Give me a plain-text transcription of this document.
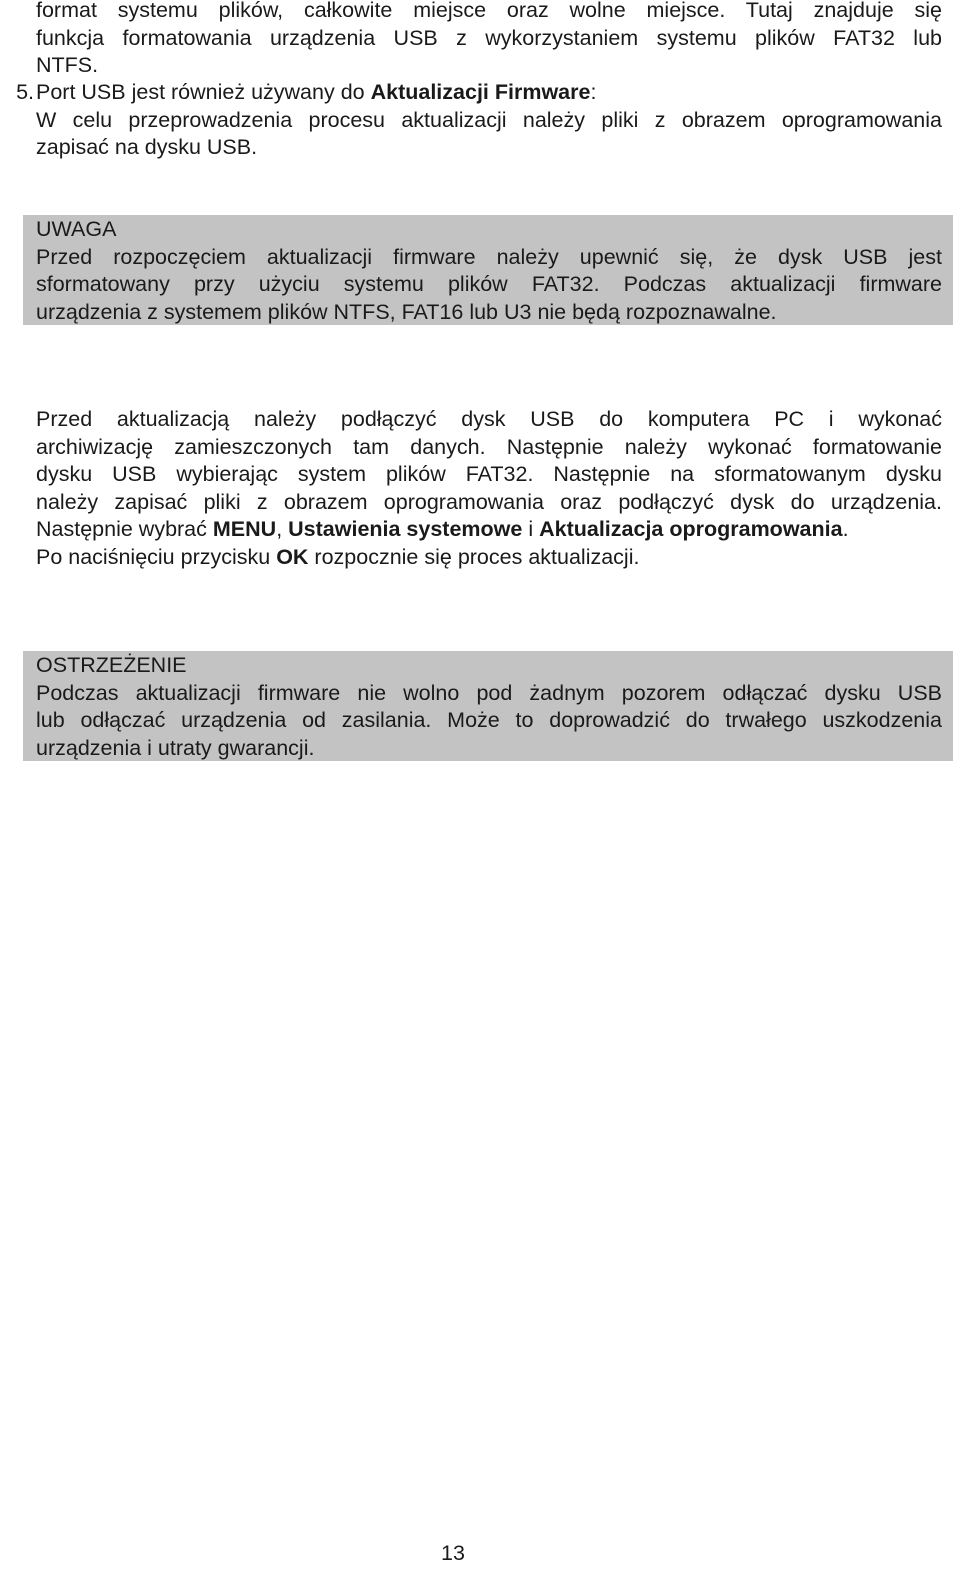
format systemu plików, całkowite miejsce oraz wolne miejsce. Tutaj znajduje się
funkcja formatowania urządzenia USB z wykorzystaniem systemu plików FAT32 lub
NTFS.
5. Port USB jest również używany do Aktualizacji Firmware:
W celu przeprowadzenia procesu aktualizacji należy pliki z obrazem oprogramowania
zapisać na dysku USB.
UWAGA
Przed rozpoczęciem aktualizacji firmware należy upewnić się, że dysk USB jest
sformatowany przy użyciu systemu plików FAT32. Podczas aktualizacji firmware
urządzenia z systemem plików NTFS, FAT16 lub U3 nie będą rozpoznawalne.
Przed aktualizacją należy podłączyć dysk USB do komputera PC i wykonać
archiwizację zamieszczonych tam danych. Następnie należy wykonać formatowanie
dysku USB wybierając system plików FAT32. Następnie na sformatowanym dysku
należy zapisać pliki z obrazem oprogramowania oraz podłączyć dysk do urządzenia.
Następnie wybrać MENU, Ustawienia systemowe i Aktualizacja oprogramowania.
Po naciśnięciu przycisku OK rozpocznie się proces aktualizacji.
OSTRZEŻENIE
Podczas aktualizacji firmware nie wolno pod żadnym pozorem odłączać dysku USB
lub odłączać urządzenia od zasilania. Może to doprowadzić do trwałego uszkodzenia
urządzenia i utraty gwarancji.
13
